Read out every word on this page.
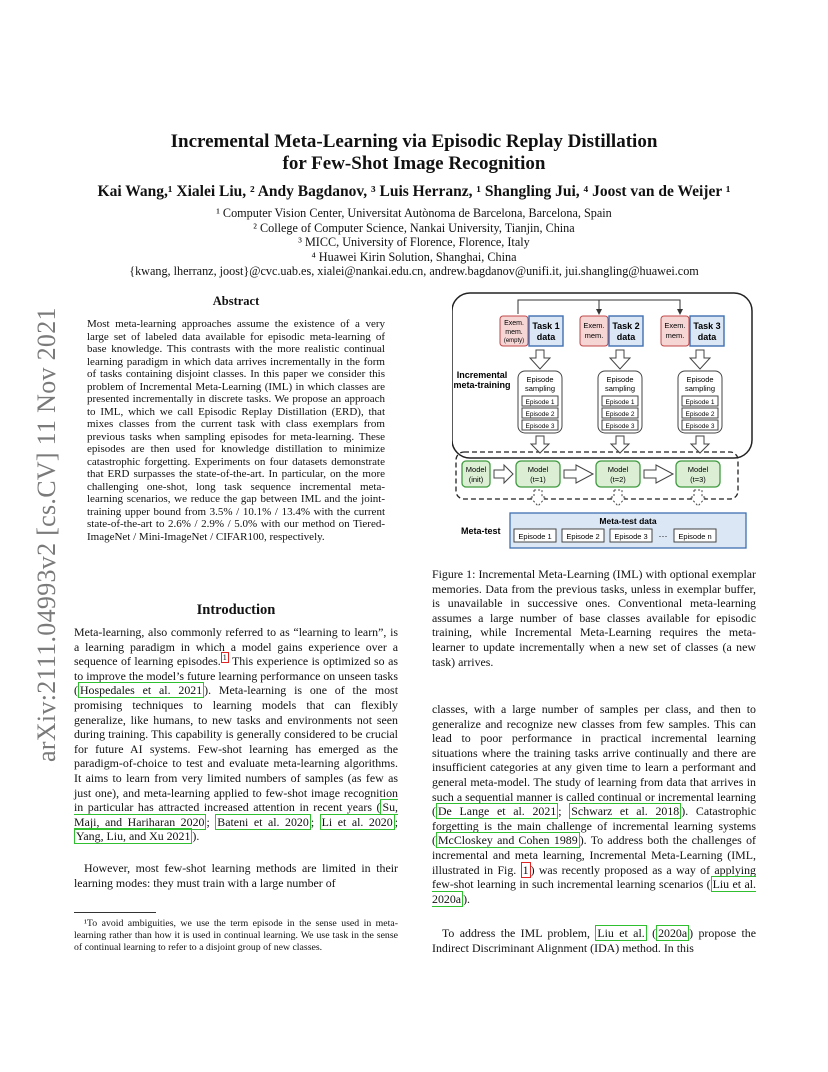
Incremental Meta-Learning via Episodic Replay Distillation
for Few-Shot Image Recognition
Kai Wang,¹ Xialei Liu, ² Andy Bagdanov, ³ Luis Herranz, ¹ Shangling Jui, ⁴ Joost van de Weijer ¹
¹ Computer Vision Center, Universitat Autònoma de Barcelona, Barcelona, Spain
² College of Computer Science, Nankai University, Tianjin, China
³ MICC, University of Florence, Florence, Italy
⁴ Huawei Kirin Solution, Shanghai, China
{kwang, lherranz, joost}@cvc.uab.es, xialei@nankai.edu.cn, andrew.bagdanov@unifi.it, jui.shangling@huawei.com
arXiv:2111.04993v2 [cs.CV] 11 Nov 2021
Abstract
Most meta-learning approaches assume the existence of a very large set of labeled data available for episodic meta-learning of base knowledge. This contrasts with the more realistic continual learning paradigm in which data arrives incrementally in the form of tasks containing disjoint classes. In this paper we consider this problem of Incremental Meta-Learning (IML) in which classes are presented incrementally in discrete tasks. We propose an approach to IML, which we call Episodic Replay Distillation (ERD), that mixes classes from the current task with class exemplars from previous tasks when sampling episodes for meta-learning. These episodes are then used for knowledge distillation to minimize catastrophic forgetting. Experiments on four datasets demonstrate that ERD surpasses the state-of-the-art. In particular, on the more challenging one-shot, long task sequence incremental meta-learning scenarios, we reduce the gap between IML and the joint-training upper bound from 3.5% / 10.1% / 13.4% with the current state-of-the-art to 2.6% / 2.9% / 5.0% with our method on Tiered-ImageNet / Mini-ImageNet / CIFAR100, respectively.
Introduction
Meta-learning, also commonly referred to as “learning to learn”, is a learning paradigm in which a model gains experience over a sequence of learning episodes. $^1$ This experience is optimized so as to improve the model’s future learning performance on unseen tasks ( Hospedales et al. 2021 ). Meta-learning is one of the most promising techniques to learning models that can flexibly generalize, like humans, to new tasks and environments not seen during training. This capability is generally considered to be crucial for future AI systems. Few-shot learning has emerged as the paradigm-of-choice to test and evaluate meta-learning algorithms. It aims to learn from very limited numbers of samples (as few as just one), and meta-learning applied to few-shot image recognition in particular has attracted increased attention in recent years ( Su, Maji, and Hariharan 2020 ; Bateni et al. 2020 ; Li et al. 2020 ; Yang, Liu, and Xu 2021 ).
However, most few-shot learning methods are limited in their learning modes: they must train with a large number of
¹To avoid ambiguities, we use the term episode in the sense used in meta-learning rather than how it is used in continual learning. We use task in the sense of continual learning to refer to a disjoint group of new classes.
Exem.
mem.
(empty)
Task 1
data
Exem.
mem.
Task 2
data
Exem.
mem.
Task 3
data
Incremental
meta-training
Episode
sampling
Episode 1
Episode 2
Episode 3
Episode
sampling
Episode 1
Episode 2
Episode 3
Episode
sampling
Episode 1
Episode 2
Episode 3
Model
(init)
Model
(t=1)
Model
(t=2)
Model
(t=3)
Meta-test
Meta-test data
Episode 1 Episode 2 Episode 3 ··· Episode n
Figure 1: Incremental Meta-Learning (IML) with optional exemplar memories. Data from the previous tasks, unless in exemplar buffer, is unavailable in successive ones. Conventional meta-learning assumes a large number of base classes available for episodic training, while Incremental Meta-Learning requires the meta-learner to update incrementally when a new set of classes (a new task) arrives.
classes, with a large number of samples per class, and then to generalize and recognize new classes from few samples. This can lead to poor performance in practical incremental learning situations where the training tasks arrive continually and there are insufficient categories at any given time to learn a performant and general meta-model. The study of learning from data that arrives in such a sequential manner is called continual or incremental learning ( De Lange et al. 2021 ; Schwarz et al. 2018 ). Catastrophic forgetting is the main challenge of incremental learning systems ( McCloskey and Cohen 1989 ). To address both the challenges of incremental and meta learning, Incremental Meta-Learning (IML, illustrated in Fig. 1 ) was recently proposed as a way of applying few-shot learning in such incremental learning scenarios ( Liu et al. 2020a ).
To address the IML problem, Liu et al. ( 2020a ) propose the Indirect Discriminant Alignment (IDA) method. In this
